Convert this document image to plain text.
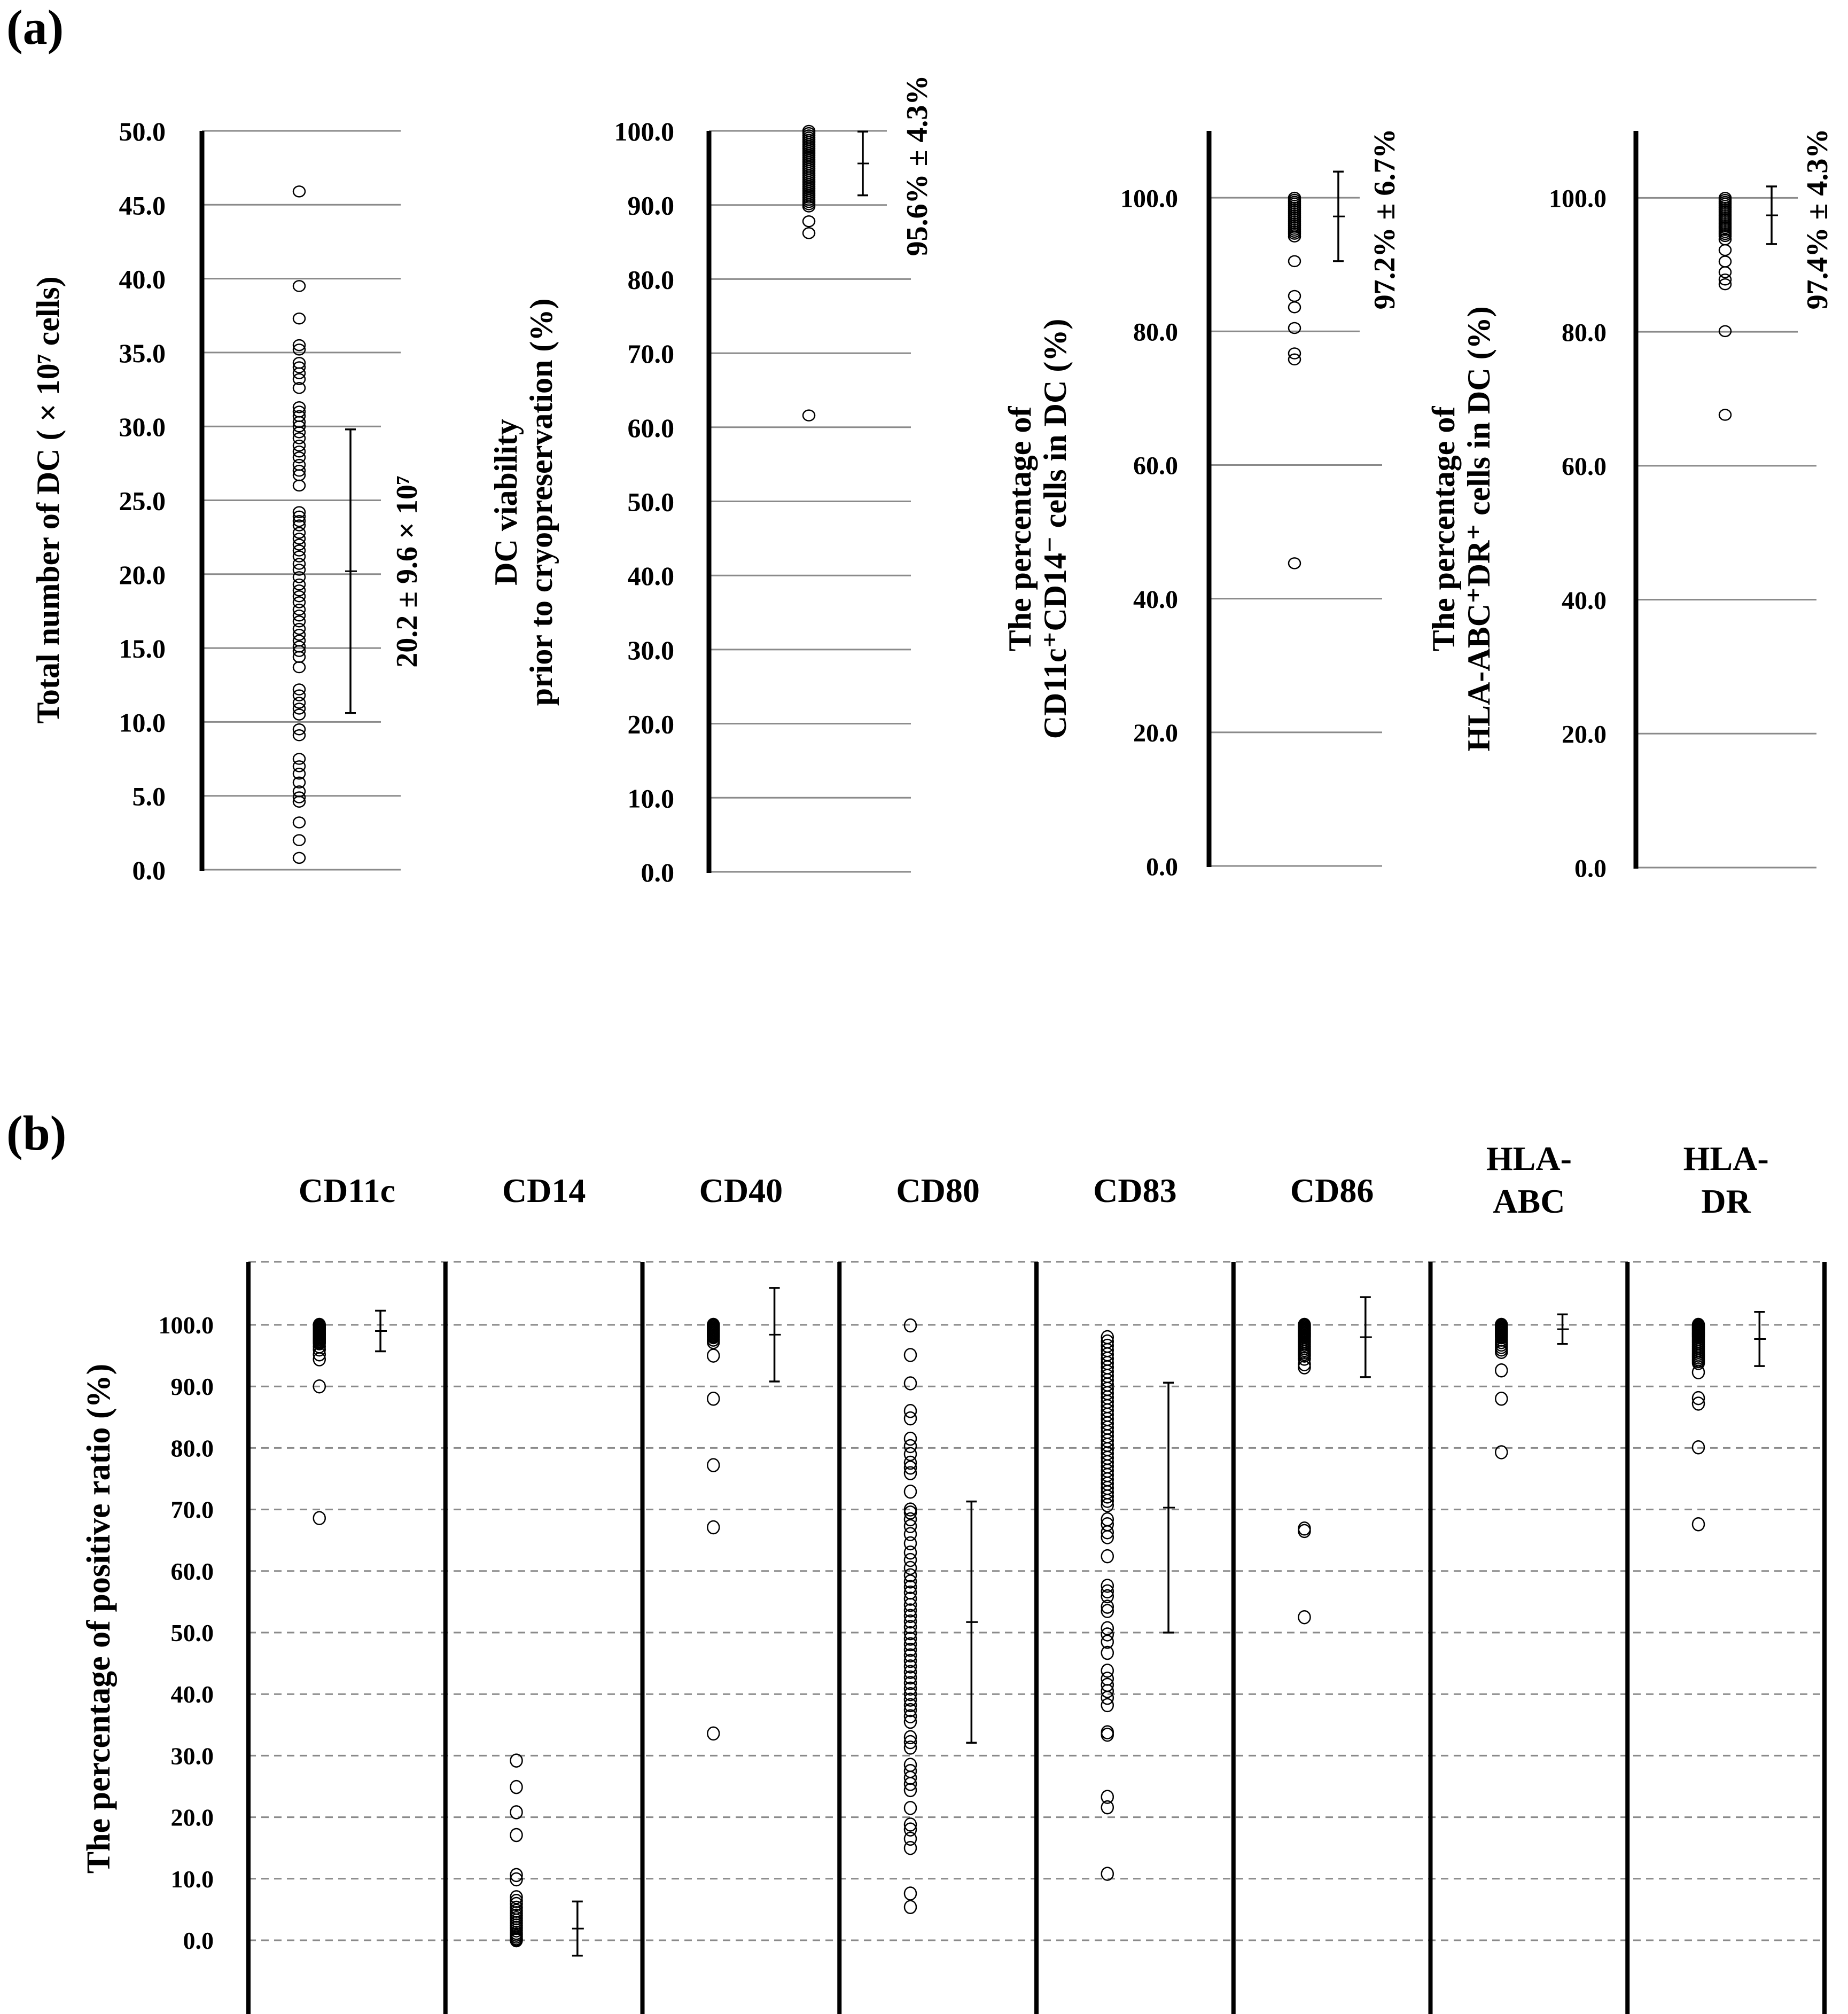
(a)
(b)
0.0
5.0
10.0
15.0
20.0
25.0
30.0
35.0
40.0
45.0
50.0
20.2 ± 9.6 × 10⁷
Total number of DC ( × 10⁷ cells)
0.0
10.0
20.0
30.0
40.0
50.0
60.0
70.0
80.0
90.0
100.0	95.6% ± 4.3%
DC viability prior to cryopreservation (%)
0.0
20.0
40.0
60.0
80.0
100.0	97.2% ± 6.7%
The percentage of CD11c⁺CD14⁻ cells in DC (%)
0.0
20.0
40.0
60.0
80.0
100.0	97.4% ± 4.3%
The percentage of HLA-ABC⁺DR⁺ cells in DC (%)
0.0
10.0
20.0
30.0
40.0
50.0
60.0
70.0
80.0
90.0
100.0
The percentage of positive ratio (%)
CD11c	CD14	CD40	CD80	CD83	CD86
HLA-
ABC
HLA-
DR
